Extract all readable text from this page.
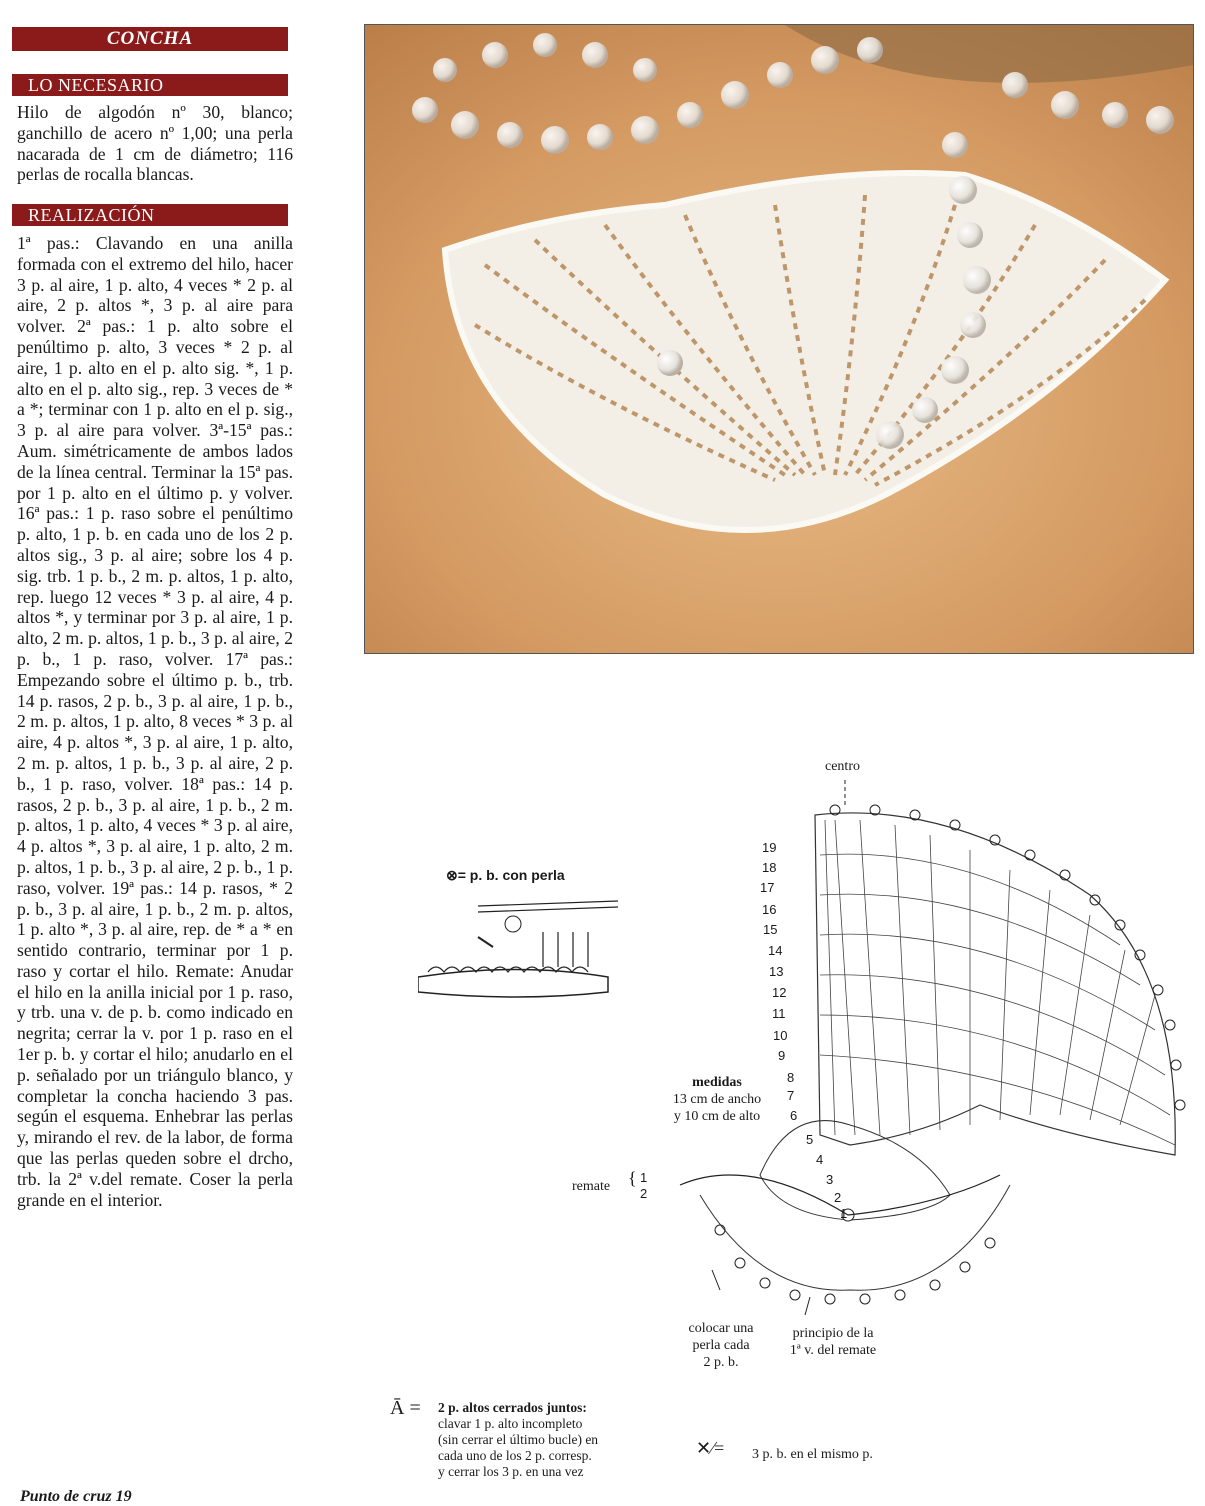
CONCHA
LO NECESARIO

Hilo de algodón nº 30, blanco; ganchillo de acero nº 1,00; una perla nacarada de 1 cm de diámetro; 116 perlas de rocalla blancas.

REALIZACIÓN

1ª pas.: Clavando en una anilla formada con el extremo del hilo, hacer 3 p. al aire, 1 p. alto, 4 veces * 2 p. al aire, 2 p. altos *, 3 p. al aire para volver. 2ª pas.: 1 p. alto sobre el penúltimo p. alto, 3 veces * 2 p. al aire, 1 p. alto en el p. alto sig. *, 1 p. alto en el p. alto sig., rep. 3 veces de * a *; terminar con 1 p. alto en el p. sig., 3 p. al aire para volver. 3ª-15ª pas.: Aum. simétricamente de ambos lados de la línea central. Terminar la 15ª pas. por 1 p. alto en el último p. y volver. 16ª pas.: 1 p. raso sobre el penúltimo p. alto, 1 p. b. en cada uno de los 2 p. altos sig., 3 p. al aire; sobre los 4 p. sig. trb. 1 p. b., 2 m. p. altos, 1 p. alto, rep. luego 12 veces * 3 p. al aire, 4 p. altos *, y terminar por 3 p. al aire, 1 p. alto, 2 m. p. altos, 1 p. b., 3 p. al aire, 2 p. b., 1 p. raso, volver. 17ª pas.: Empezando sobre el último p. b., trb. 14 p. rasos, 2 p. b., 3 p. al aire, 1 p. b., 2 m. p. altos, 1 p. alto, 8 veces * 3 p. al aire, 4 p. altos *, 3 p. al aire, 1 p. alto, 2 m. p. altos, 1 p. b., 3 p. al aire, 2 p. b., 1 p. raso, volver. 18ª pas.: 14 p. rasos, 2 p. b., 3 p. al aire, 1 p. b., 2 m. p. altos, 1 p. alto, 4 veces * 3 p. al aire, 4 p. altos *, 3 p. al aire, 1 p. alto, 2 m. p. altos, 1 p. b., 3 p. al aire, 2 p. b., 1 p. raso, volver. 19ª pas.: 14 p. rasos, * 2 p. b., 3 p. al aire, 1 p. b., 2 m. p. altos, 1 p. alto *, 3 p. al aire, rep. de * a * en sentido contrario, terminar por 1 p. raso y cortar el hilo. Remate: Anudar el hilo en la anilla inicial por 1 p. raso, y trb. una v. de p. b. como indicado en negrita; cerrar la v. por 1 p. raso en el 1er p. b. y cortar el hilo; anudarlo en el p. señalado por un triángulo blanco, y completar la concha haciendo 3 pas. según el esquema. Enhebrar las perlas y, mirando el rev. de la labor, de forma que las perlas queden sobre el drcho, trb. la 2ª v.del remate. Coser la perla grande en el interior.

⊗= p. b. con perla
centro
19
18
17
16
15
14
13
12
11
10
9
8
7
6
5
4
3
2
1
medidas
13 cm de ancho
y 10 cm de alto
remate { 1
2
colocar una
perla cada
2 p. b.
principio de la
1ª v. del remate
Ā = 2 p. altos cerrados juntos:
clavar 1 p. alto incompleto
(sin cerrar el último bucle) en
cada uno de los 2 p. corresp.
y cerrar los 3 p. en una vez
✕⁄= 3 p. b. en el mismo p.
Punto de cruz 19
